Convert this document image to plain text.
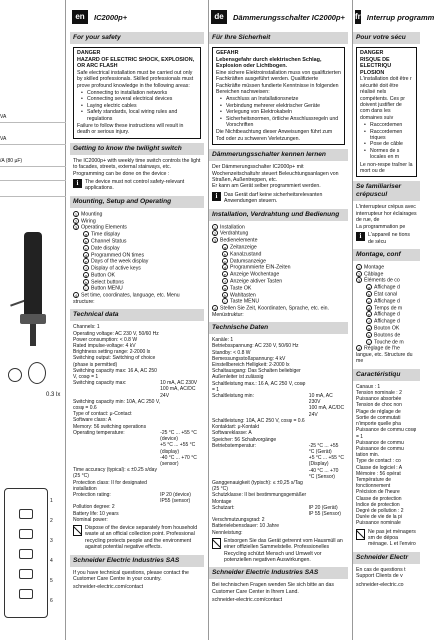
VA
VA
/A (80 µF)
0.3 lx
1
2
3
4
5
6
en	IC2000p+
For your safety
DANGER
HAZARD OF ELECTRIC SHOCK, EXPLOSION, OR ARC FLASH

Safe electrical installation must be carried out only by skilled professionals. Skilled professionals must prove profound knowledge in the following areas:

• Connecting to installation networks
• Connecting several electrical devices
• Laying electric cables
• Safety standards, local wiring rules and regulations

Failure to follow these instructions will result in death or serious injury.

Getting to know the twilight switch

The IC2000p+ with weekly time switch controls the light to facades, streets, external stairways, etc.

Programming can be done on the device :

i	The device must not control safety-relevant applications.

Mounting, Setup and Operating
1 Mounting
2 Wiring
3 Operating Elements
a Time display
b Channel Status
c Date display
d Programmed ON times
e Days of the week display
f Display of active keys
g Button OK
h Select buttons
i Button MENU
4 Set time, coordinates, language, etc. Menu structure:
Technical data
Channels: 1	
Operating voltage: AC 230 V, 50/60 Hz	
Power consumption: < 0.8 W	
Rated impulse-voltage: 4 kV	
Brightness setting range: 2-2000 lx	
Switching output: Switching of choice (phase is permitted)	
Switching capacity max: 16 A, AC 250 V, cosφ = 1	
Switching capacity max:	10 mA, AC 230V
	100 mA, AC/DC 24V
Switching capacity min: 10A, AC 250 V, cosφ = 0.6	
Type of contact: μ-Contact	
Software class: A	
Memory: 56 switching operations	
Operating temperature:	-25 °C ... +55 °C (device)
	+5 °C ... +55 °C (display)
	-40 °C ... +70 °C (sensor)
Time accuracy (typical): ≤ ±0.25 s/day (25 °C)	
Protection class: II for designated installation	
Protection rating:	IP 20 (device)
	IP55 (sensor)
Pollution degree: 2	
Battery life: 10 years	
Nominal power:	

Dispose of the device separately from household waste at an official collection point. Professional recycling protects people and the environment against potential negative effects.

Schneider Electric Industries SAS
If you have technical questions, please contact the Customer Care Centre in your country.
schneider-electric.com/contact
de	Dämmerungsschalter IC2000p+
Für Ihre Sicherheit
GEFAHR
Lebensgefahr durch elektrischen Schlag, Explosion oder Lichtbogen.

Eine sichere Elektroinstallation muss von qualifizierten Fachkräften ausgeführt werden. Qualifizierte Fachkräfte müssen fundierte Kenntnisse in folgenden Bereichen nachweisen:

• Anschluss an Installationsnetze
• Verbindung mehrerer elektrischer Geräte
• Verlegung von Elektrokabeln
• Sicherheitsnormen, örtliche Anschlussregeln und Vorschriften

Die Nichtbeachtung dieser Anweisungen führt zum Tod oder zu schweren Verletzungen.

Dämmerungsschalter kennen lernen

Der Dämmerungsschalter IC2000p+ mit Wochenzeitschaltuhr steuert Beleuchtungsanlagen von Straßen, Außentreppen, etc.

Er kann am Gerät selber programmiert werden.

i	Das Gerät darf keine sicherheitsrelevanten Anwendungen steuern.

Installation, Verdrahtung und Bedienung
1 Installation
2 Verdrahtung
3 Bedienelemente
a Zeitanzeige
b Kanalzustand
c Datumsanzeige
d Programmierte EIN-Zeiten
e Anzeige Wochentage
f Anzeige aktiver Tasten
g Taste OK
h Wahltasten
i Taste MENU
4 Stellen Sie Zeit, Koordinaten, Sprache, etc. ein. Menüstruktur:
Technische Daten
Kanäle: 1	
Betriebsspannung: AC 230 V, 50/60 Hz	
Standby: < 0.8 W	
Bemessungsstoßspannung: 4 kV	
Einstellbereich Helligkeit: 2-2000 lx	
Schaltausgang: Das Schalten beliebiger Außenleiter ist zulässig	
Schaltleistung max.: 16 A, AC 250 V, cosφ = 1	
Schaltleistung min:	10 mA, AC 230V
	100 mA, AC/DC 24V
Schaltleistung: 10A, AC 250 V, cosφ = 0.6	
Kontaktart: μ-Kontakt	
Softwareklasse: A	
Speicher: 56 Schaltvorgänge	
Betriebstemperatur:	-25 °C ... +55 °C (Gerät)
	+5 °C ... +55 °C (Display)
	-40 °C ... +70 °C (Sensor)
Ganggenauigkeit (typisch): ≤ ±0,25 s/Tag (25 °C)	
Schutzklasse: II bei bestimmungsgemäßer Montage	
Schutzart:	IP 20 (Gerät)
	IP 55 (Sensor)
Verschmutzungsgrad: 2	
Batterielebensdauer: 10 Jahre	
Nennleistung:	

Entsorgen Sie das Gerät getrennt vom Hausmüll an einer offiziellen Sammelstelle. Professionelles Recycling schützt Mensch und Umwelt vor potenziellen negativen Auswirkungen.

Schneider Electric Industries SAS
Bei technischen Fragen wenden Sie sich bitte an das Customer Care Center in Ihrem Land.
schneider-electric.com/contact
fr Interrup programm
Pour votre sécu
DANGER
RISQUE DE ELECTRIQU PLOSION

L'installation doit être r sécurité doit être réalisé nels compétents. Ces pr doivent justifier de com dans les domaines suiv

• Raccordemen
• Raccordemen triques
• Pose de câble
• Normes de s locales en m

Le non-respe traîner la mort ou de

Se familiariser crépuscul

L'interrupteur crépus avec interrupteur hor éclairages de rue, de

La programmation pe

i	L'appareil ne tions de sécu

Montage, conf
1 Montage
2 Câblage
3 Éléments de co
a Affichage d
b État canal
c Affichage d
d Temps de m
e Affichage d
f Affichage d
g Bouton OK
h Boutons de
i Touche de m
4 Réglage de l'he langue, etc. Structure du me
Caractéristiqu
Canaux : 1	
Tension nominale : 2	
Puissance absorbée	
Tension de choc non	
Plage de réglage de	
Sortie de commutati n'importe quelle pha	
Puissance de commu cosφ = 1	
Puissance de commu	

Puissance de commu tation min.	
Type de contact : co	
Classe de logiciel : A	
Mémoire : 56 opérat	
Température de fonctionnement	

Précision de l'heure	
Classe de protection	
Indice de protection	

Degré de pollution : 2	
Durée de vie de la pi	
Puissance nominale	

Ne pas jet ménagers sm de dépoa ménage. L et l'enviro

Schneider Electr
En cas de questions t Support Clients de v
schneider-electric.co
